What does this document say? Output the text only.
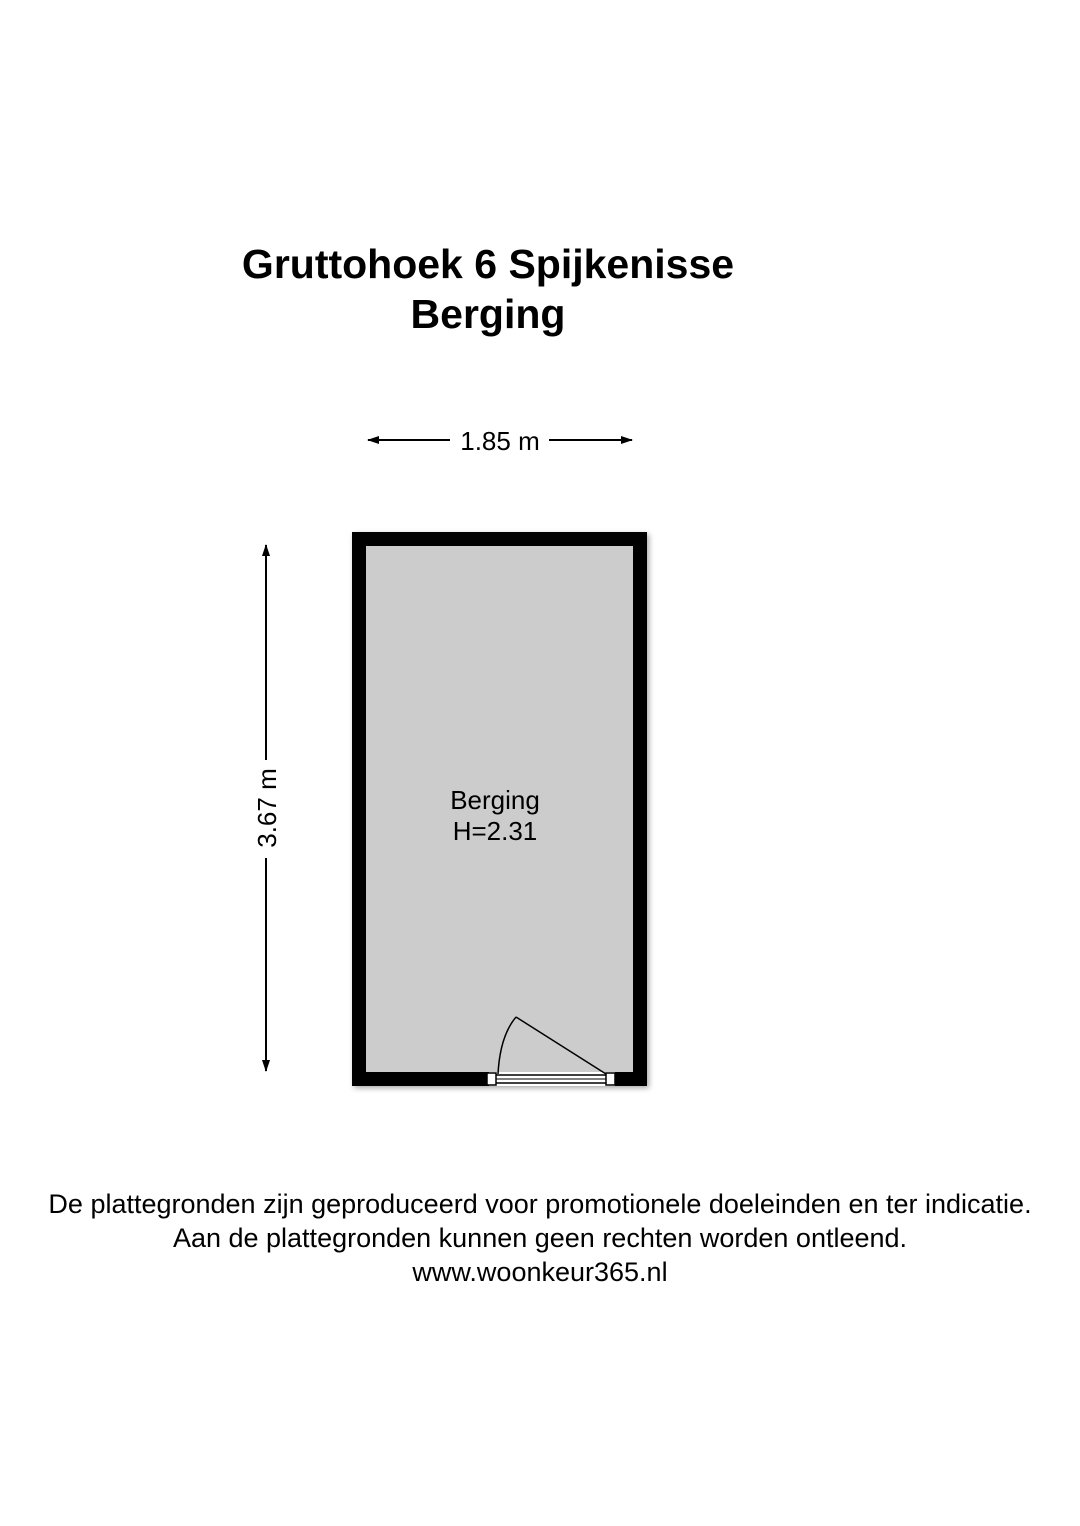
Gruttohoek 6 Spijkenisse
Berging
1.85 m
3.67 m	Berging
H=2.31
De plattegronden zijn geproduceerd voor promotionele doeleinden en ter indicatie.
Aan de plattegronden kunnen geen rechten worden ontleend.
www.woonkeur365.nl
